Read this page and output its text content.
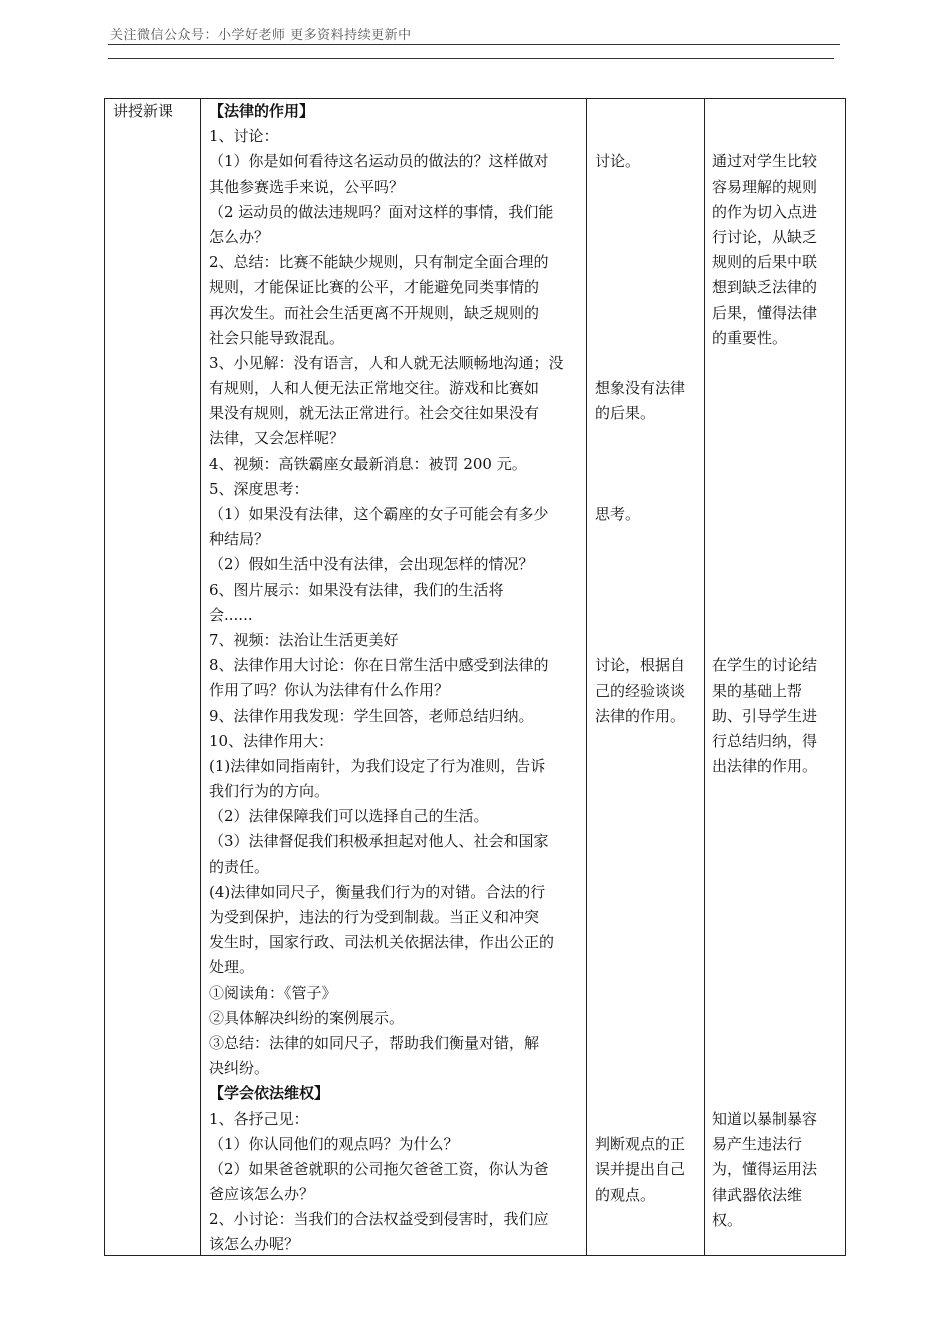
关注微信公众号：小学好老师 更多资料持续更新中
讲授新课	【法律的作用】
1、讨论：
（1）你是如何看待这名运动员的做法的？这样做对
其他参赛选手来说，公平吗？
（2 运动员的做法违规吗？面对这样的事情，我们能
怎么办？
2、总结：比赛不能缺少规则，只有制定全面合理的
规则，才能保证比赛的公平，才能避免同类事情的
再次发生。而社会生活更离不开规则，缺乏规则的
社会只能导致混乱。
3、小见解：没有语言，人和人就无法顺畅地沟通；没
有规则，人和人便无法正常地交往。游戏和比赛如
果没有规则，就无法正常进行。社会交往如果没有
法律，又会怎样呢？
4、视频：高铁霸座女最新消息：被罚 200 元。
5、深度思考：
（1）如果没有法律，这个霸座的女子可能会有多少
种结局？
（2）假如生活中没有法律，会出现怎样的情况？
6、图片展示：如果没有法律，我们的生活将
会......
7、视频：法治让生活更美好
8、法律作用大讨论：你在日常生活中感受到法律的
作用了吗？你认为法律有什么作用？
9、法律作用我发现：学生回答，老师总结归纳。
10、法律作用大：
(1)法律如同指南针，为我们设定了行为准则，告诉
我们行为的方向。
（2）法律保障我们可以选择自己的生活。
（3）法律督促我们积极承担起对他人、社会和国家
的责任。
(4)法律如同尺子，衡量我们行为的对错。合法的行
为受到保护，违法的行为受到制裁。当正义和冲突
发生时，国家行政、司法机关依据法律，作出公正的
处理。
①阅读角：《管子》
②具体解决纠纷的案例展示。
③总结：法律的如同尺子，帮助我们衡量对错，解
决纠纷。
【学会依法维权】
1、各抒己见：
（1）你认同他们的观点吗？为什么？
（2）如果爸爸就职的公司拖欠爸爸工资，你认为爸
爸应该怎么办？
2、小讨论：当我们的合法权益受到侵害时，我们应
该怎么办呢？
讨论。
想象没有法律
的后果。
思考。
讨论，根据自
己的经验谈谈
法律的作用。
判断观点的正
误并提出自己
的观点。
通过对学生比较
容易理解的规则
的作为切入点进
行讨论，从缺乏
规则的后果中联
想到缺乏法律的
后果，懂得法律
的重要性。
在学生的讨论结
果的基础上帮
助、引导学生进
行总结归纳，得
出法律的作用。
知道以暴制暴容
易产生违法行
为，懂得运用法
律武器依法维
权。
